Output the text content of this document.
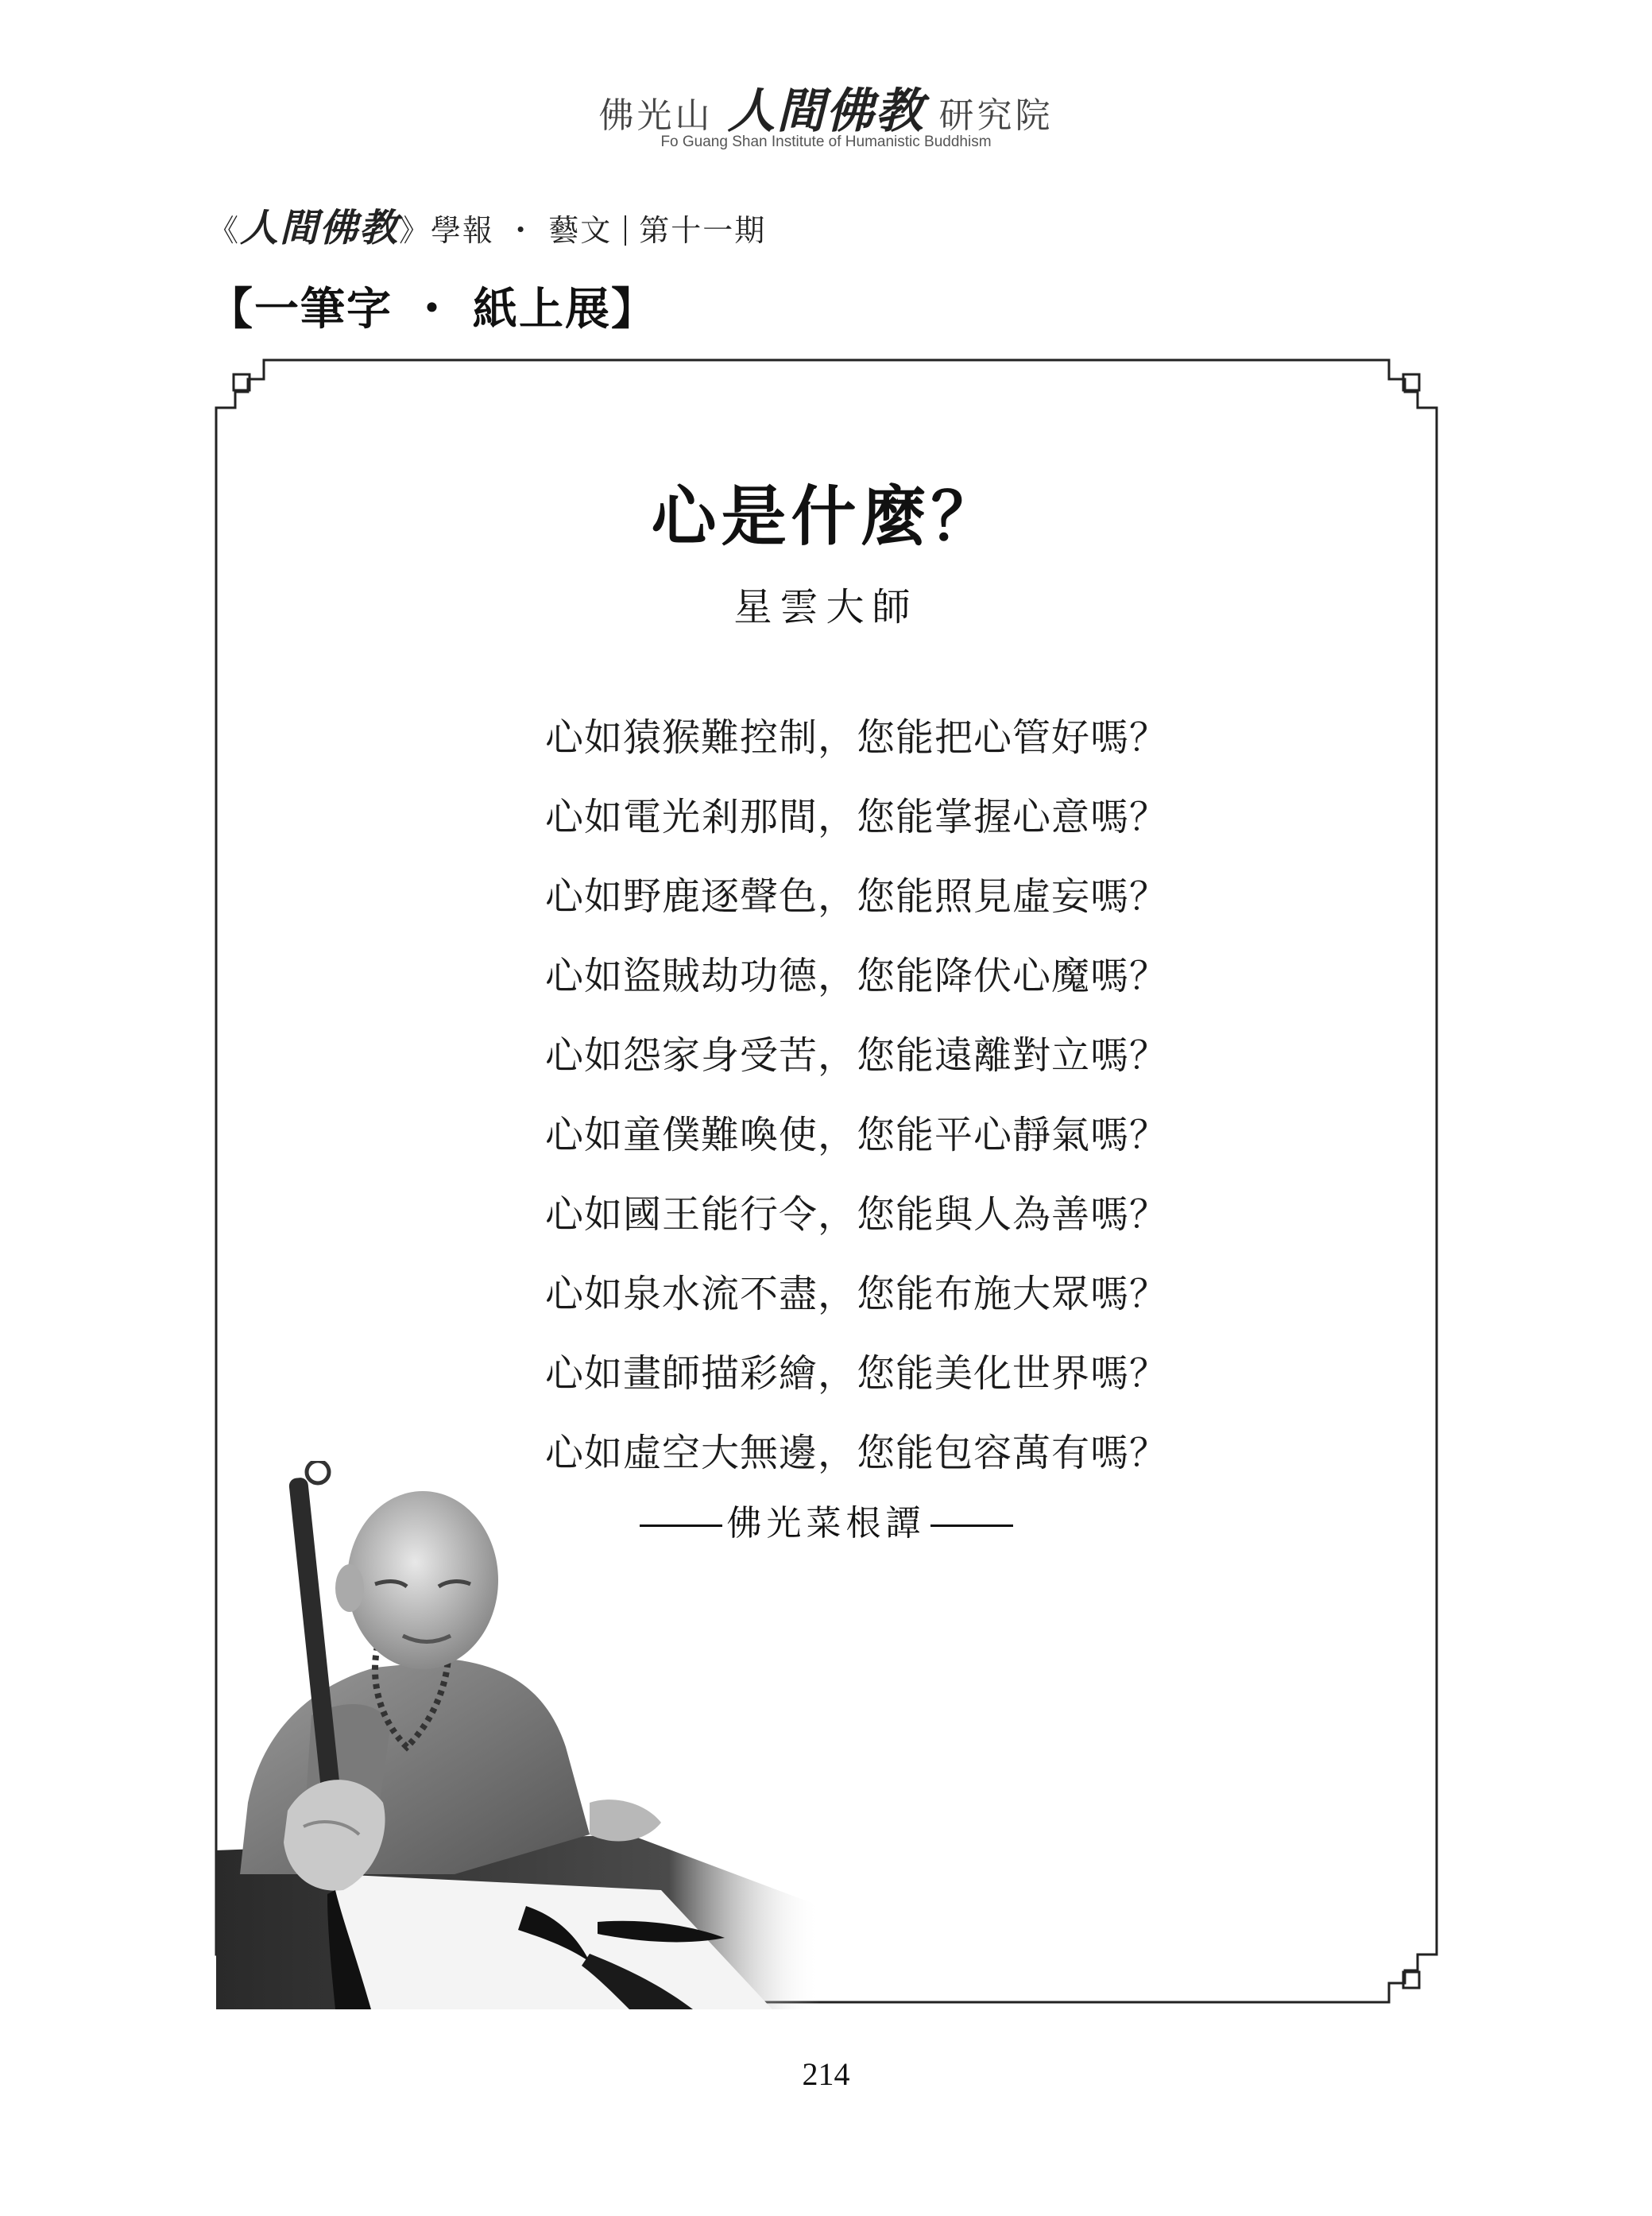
佛光山 人間佛教 研究院
Fo Guang Shan Institute of Humanistic Buddhism
《人間佛教》學報 ・ 藝文 第十一期
【一筆字 ・ 紙上展】
心是什麼？
星雲大師
心如猿猴難控制，您能把心管好嗎？
心如電光剎那間，您能掌握心意嗎？
心如野鹿逐聲色，您能照見虛妄嗎？
心如盜賊劫功德，您能降伏心魔嗎？
心如怨家身受苦，您能遠離對立嗎？
心如童僕難喚使，您能平心靜氣嗎？
心如國王能行令，您能與人為善嗎？
心如泉水流不盡，您能布施大眾嗎？
心如畫師描彩繪，您能美化世界嗎？
心如虛空大無邊，您能包容萬有嗎？
佛光菜根譚
214
